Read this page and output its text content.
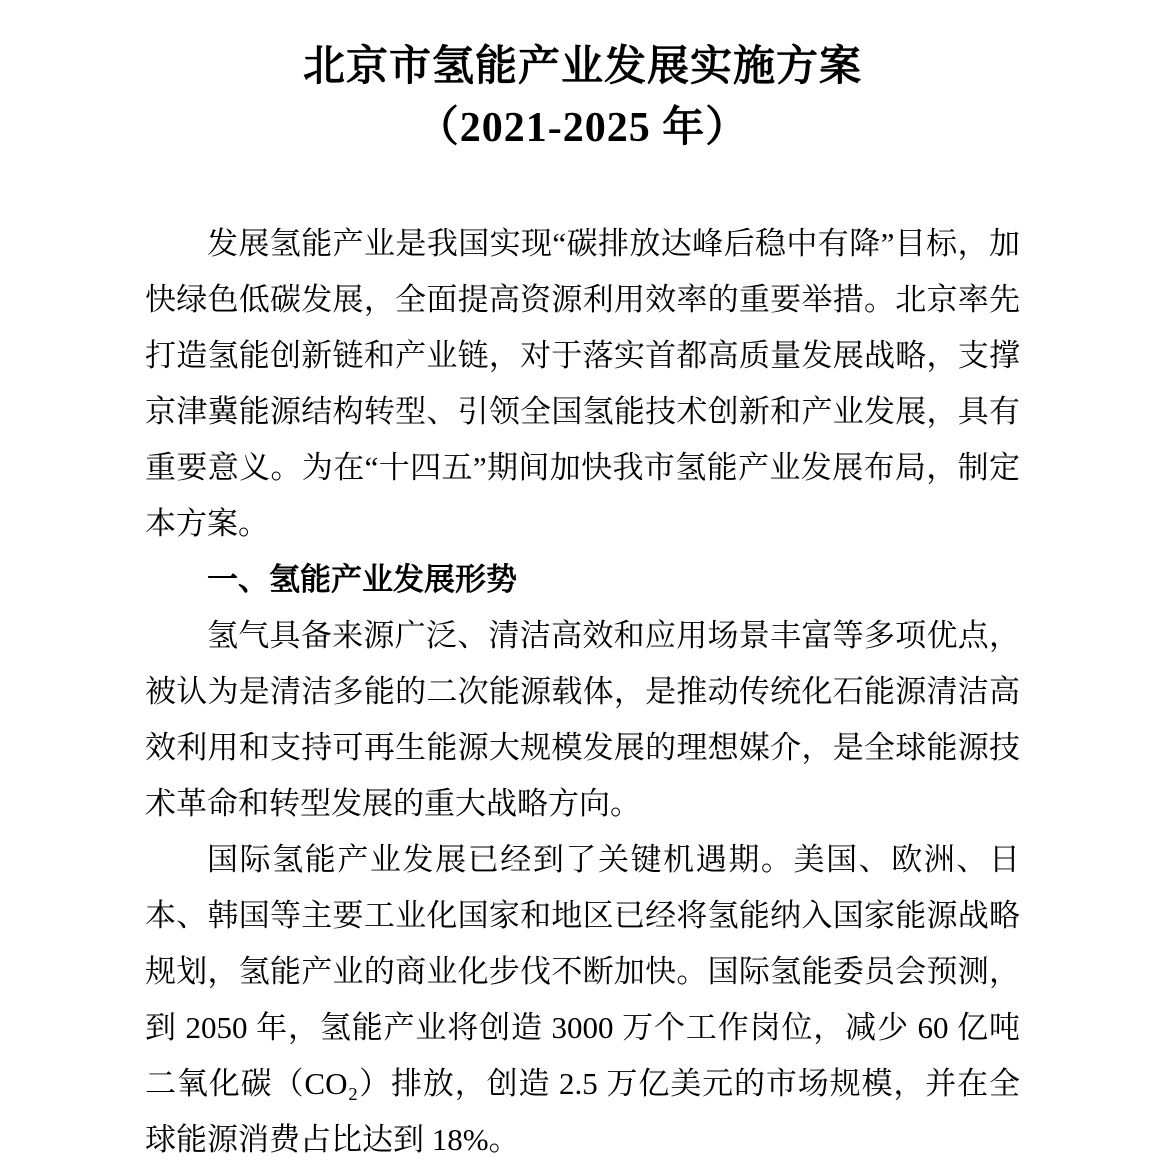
北京市氢能产业发展实施方案
（2021-2025 年）

发展氢能产业是我国实现“碳排放达峰后稳中有降”目标，加快绿色低碳发展，全面提高资源利用效率的重要举措。北京率先打造氢能创新链和产业链，对于落实首都高质量发展战略，支撑京津冀能源结构转型、引领全国氢能技术创新和产业发展，具有重要意义。为在“十四五”期间加快我市氢能产业发展布局，制定本方案。

一、氢能产业发展形势

氢气具备来源广泛、清洁高效和应用场景丰富等多项优点，被认为是清洁多能的二次能源载体，是推动传统化石能源清洁高效利用和支持可再生能源大规模发展的理想媒介，是全球能源技术革命和转型发展的重大战略方向。

国际氢能产业发展已经到了关键机遇期。美国、欧洲、日本、韩国等主要工业化国家和地区已经将氢能纳入国家能源战略规划，氢能产业的商业化步伐不断加快。国际氢能委员会预测，到 2050 年，氢能产业将创造 3000 万个工作岗位，减少 60 亿吨二氧化碳（CO₂）排放，创造 2.5 万亿美元的市场规模，并在全球能源消费占比达到 18%。
